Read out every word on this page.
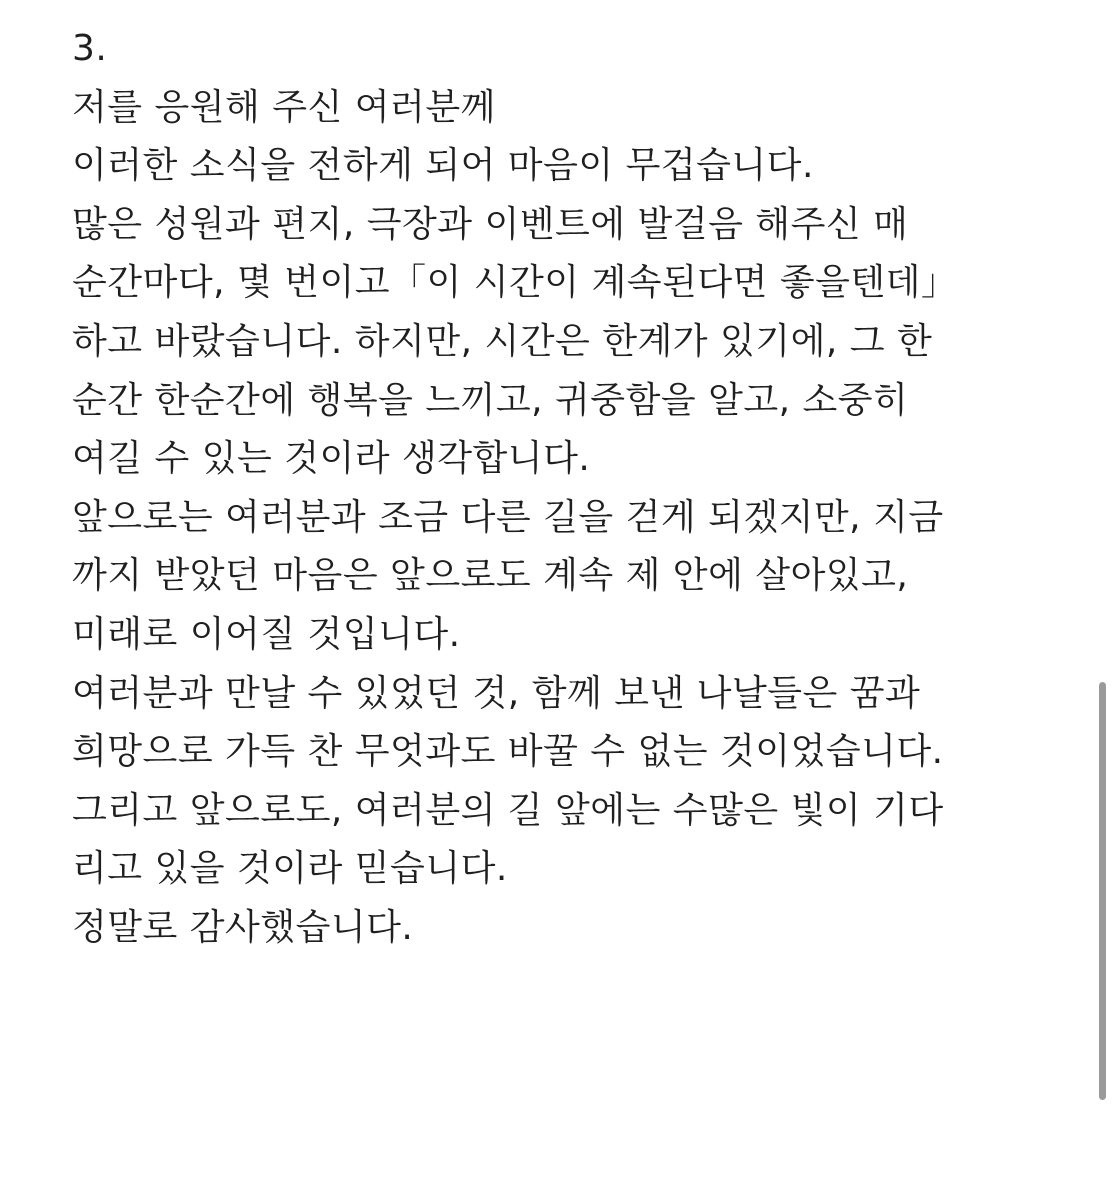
3.
저를 응원해 주신 여러분께
이러한 소식을 전하게 되어 마음이 무겁습니다.
많은 성원과 편지, 극장과 이벤트에 발걸음 해주신 매
순간마다, 몇 번이고「이 시간이 계속된다면 좋을텐데」
하고 바랐습니다. 하지만, 시간은 한계가 있기에, 그 한
순간 한순간에 행복을 느끼고, 귀중함을 알고, 소중히
여길 수 있는 것이라 생각합니다.
앞으로는 여러분과 조금 다른 길을 걷게 되겠지만, 지금
까지 받았던 마음은 앞으로도 계속 제 안에 살아있고,
미래로 이어질 것입니다.
여러분과 만날 수 있었던 것, 함께 보낸 나날들은 꿈과
희망으로 가득 찬 무엇과도 바꿀 수 없는 것이었습니다.
그리고 앞으로도, 여러분의 길 앞에는 수많은 빛이 기다
리고 있을 것이라 믿습니다.
정말로 감사했습니다.
